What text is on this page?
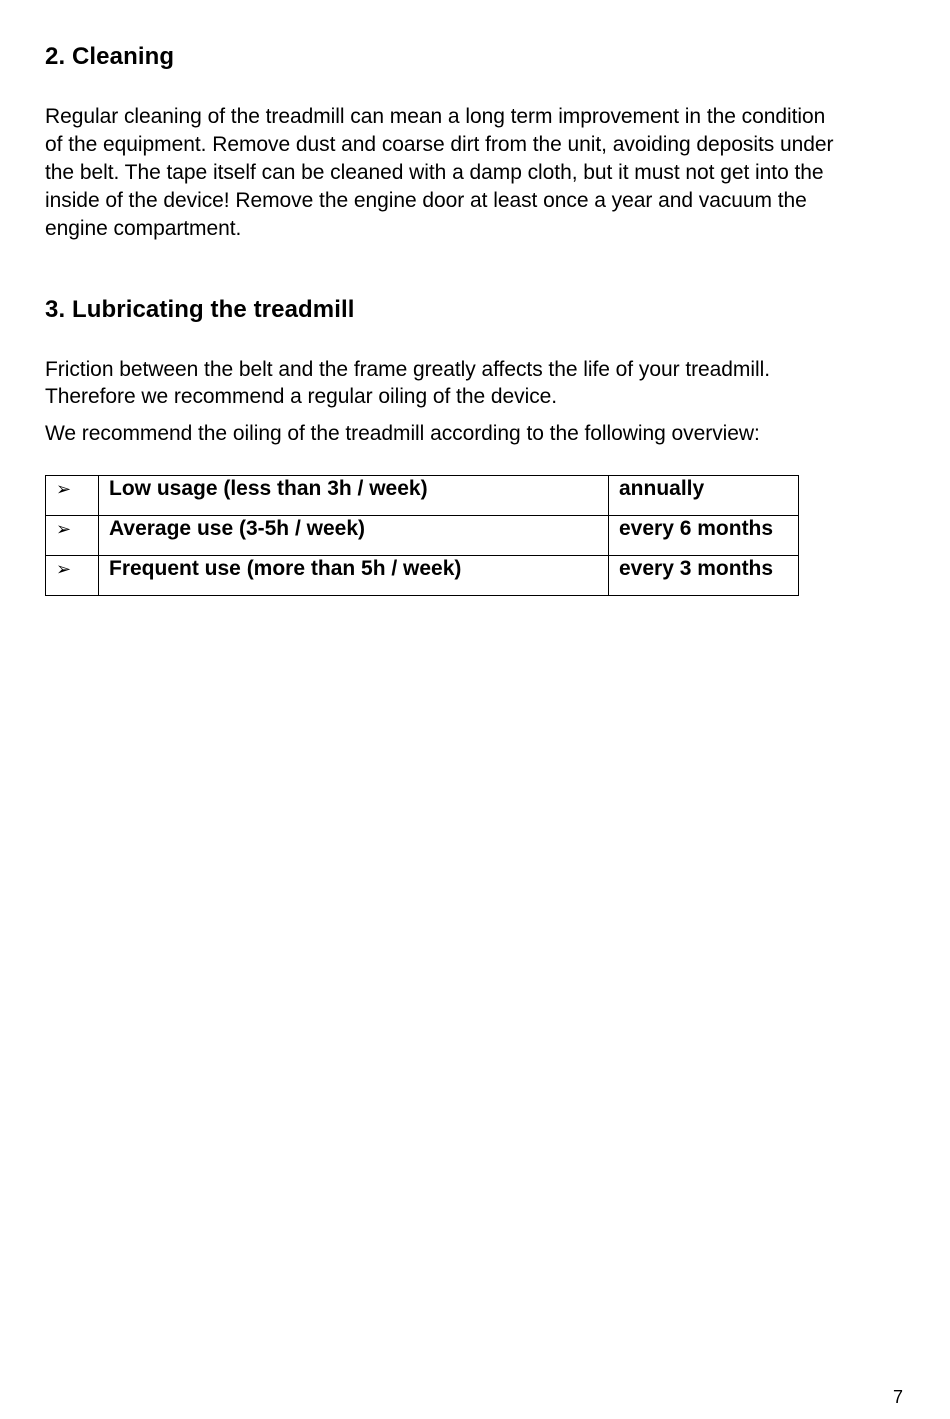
2. Cleaning

Regular cleaning of the treadmill can mean a long term improvement in the condition
of the equipment. Remove dust and coarse dirt from the unit, avoiding deposits under
the belt. The tape itself can be cleaned with a damp cloth, but it must not get into the
inside of the device! Remove the engine door at least once a year and vacuum the
engine compartment.

3. Lubricating the treadmill

Friction between the belt and the frame greatly affects the life of your treadmill.
Therefore we recommend a regular oiling of the device.

We recommend the oiling of the treadmill according to the following overview:

➢	Low usage (less than 3h / week)	annually
➢	Average use (3-5h / week)	every 6 months
➢	Frequent use (more than 5h / week)	every 3 months
7
